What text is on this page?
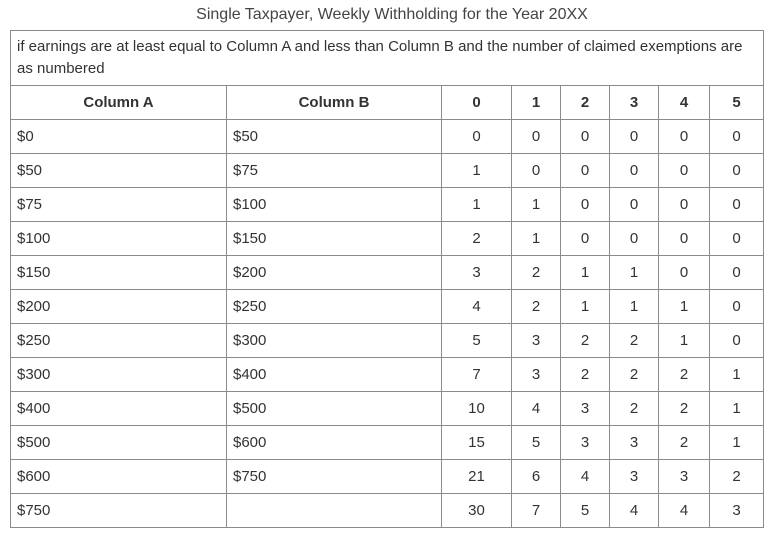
Single Taxpayer, Weekly Withholding for the Year 20XX
if earnings are at least equal to Column A and less than Column B and the number of claimed exemptions are as numbered							
Column A	Column B	0	1	2	3	4	5
$0	$50	0	0	0	0	0	0
$50	$75	1	0	0	0	0	0
$75	$100	1	1	0	0	0	0
$100	$150	2	1	0	0	0	0
$150	$200	3	2	1	1	0	0
$200	$250	4	2	1	1	1	0
$250	$300	5	3	2	2	1	0
$300	$400	7	3	2	2	2	1
$400	$500	10	4	3	2	2	1
$500	$600	15	5	3	3	2	1
$600	$750	21	6	4	3	3	2
$750		30	7	5	4	4	3
